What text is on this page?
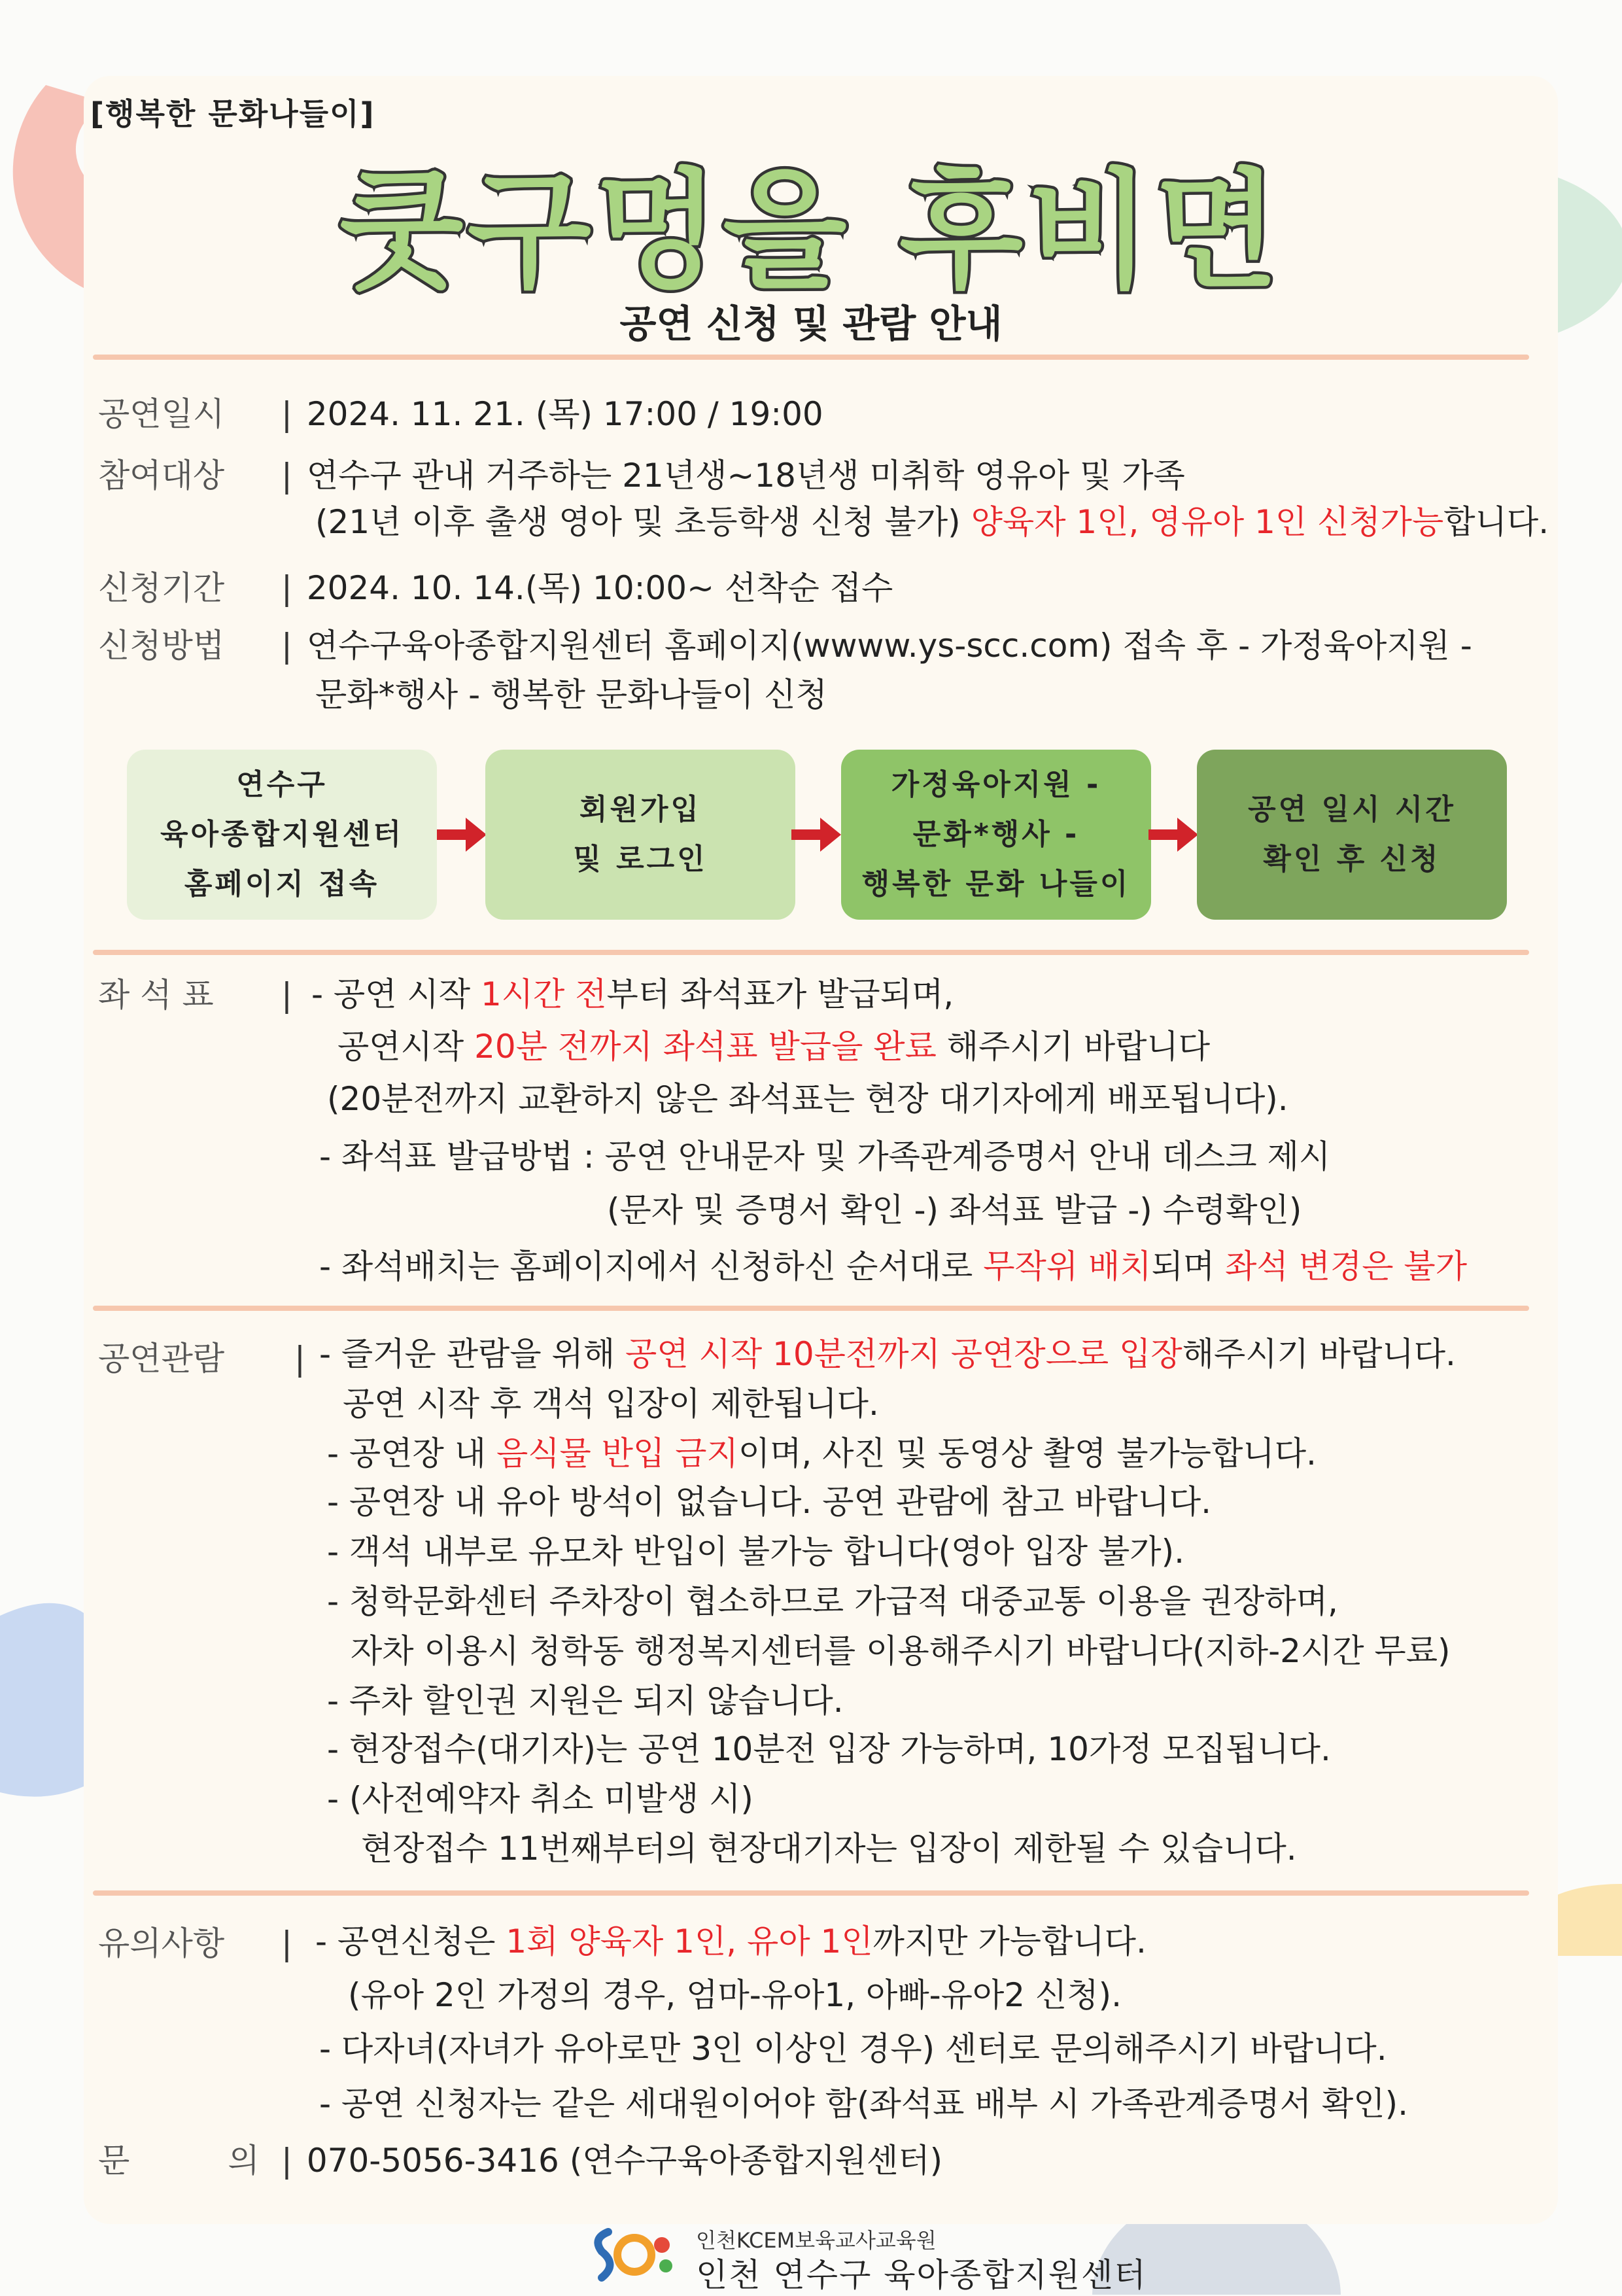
[행복한 문화나들이]
쿳구멍을 후비면
공연 신청 및 관람 안내
공연일시 | 2024. 11. 21. (목) 17:00 / 19:00
참여대상 | 연수구 관내 거주하는 21년생~18년생 미취학 영유아 및 가족
(21년 이후 출생 영아 및 초등학생 신청 불가) 양육자 1인, 영유아 1인 신청가능합니다.
신청기간 | 2024. 10. 14.(목) 10:00~ 선착순 접수
신청방법 | 연수구육아종합지원센터 홈페이지(wwww.ys-scc.com) 접속 후 - 가정육아지원 -
문화*행사 - 행복한 문화나들이 신청
연수구
육아종합지원센터
홈페이지 접속
회원가입
및 로그인
가정육아지원 -
문화*행사 -
행복한 문화 나들이
공연 일시 시간
확인 후 신청
좌 석 표 | - 공연 시작 1시간 전부터 좌석표가 발급되며,
공연시작 20분 전까지 좌석표 발급을 완료 해주시기 바랍니다
(20분전까지 교환하지 않은 좌석표는 현장 대기자에게 배포됩니다).
- 좌석표 발급방법 : 공연 안내문자 및 가족관계증명서 안내 데스크 제시
(문자 및 증명서 확인 -) 좌석표 발급 -) 수령확인)
- 좌석배치는 홈페이지에서 신청하신 순서대로 무작위 배치되며 좌석 변경은 불가
공연관람 | - 즐거운 관람을 위해 공연 시작 10분전까지 공연장으로 입장해주시기 바랍니다.
공연 시작 후 객석 입장이 제한됩니다.
- 공연장 내 음식물 반입 금지이며, 사진 및 동영상 촬영 불가능합니다.
- 공연장 내 유아 방석이 없습니다. 공연 관람에 참고 바랍니다.
- 객석 내부로 유모차 반입이 불가능 합니다(영아 입장 불가).
- 청학문화센터 주차장이 협소하므로 가급적 대중교통 이용을 권장하며,
자차 이용시 청학동 행정복지센터를 이용해주시기 바랍니다(지하-2시간 무료)
- 주차 할인권 지원은 되지 않습니다.
- 현장접수(대기자)는 공연 10분전 입장 가능하며, 10가정 모집됩니다.
- (사전예약자 취소 미발생 시)
현장접수 11번째부터의 현장대기자는 입장이 제한될 수 있습니다.
유의사항 | - 공연신청은 1회 양육자 1인, 유아 1인까지만 가능합니다.
(유아 2인 가정의 경우, 엄마-유아1, 아빠-유아2 신청).
- 다자녀(자녀가 유아로만 3인 이상인 경우) 센터로 문의해주시기 바랍니다.
- 공연 신청자는 같은 세대원이어야 함(좌석표 배부 시 가족관계증명서 확인).
문	의 | 070-5056-3416 (연수구육아종합지원센터)
인천KCEM보육교사교육원
인천 연수구 육아종합지원센터
